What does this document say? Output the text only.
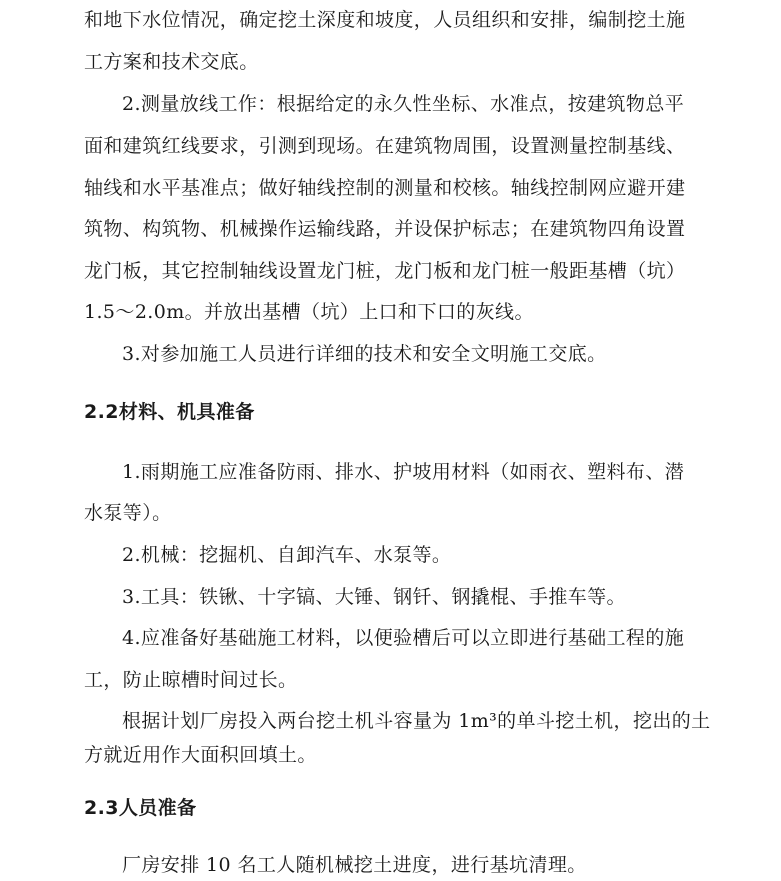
和地下水位情况，确定挖土深度和坡度，人员组织和安排，编制挖土施
工方案和技术交底。
2.测量放线工作：根据给定的永久性坐标、水准点，按建筑物总平
面和建筑红线要求，引测到现场。在建筑物周围，设置测量控制基线、
轴线和水平基准点；做好轴线控制的测量和校核。轴线控制网应避开建
筑物、构筑物、机械操作运输线路，并设保护标志；在建筑物四角设置
龙门板，其它控制轴线设置龙门桩，龙门板和龙门桩一般距基槽（坑）
1.5～2.0m。并放出基槽（坑）上口和下口的灰线。
3.对参加施工人员进行详细的技术和安全文明施工交底。
2.2材料、机具准备
1.雨期施工应准备防雨、排水、护坡用材料（如雨衣、塑料布、潜
水泵等）。
2.机械：挖掘机、自卸汽车、水泵等。
3.工具：铁锹、十字镐、大锤、钢钎、钢撬棍、手推车等。
4.应准备好基础施工材料，以便验槽后可以立即进行基础工程的施
工，防止晾槽时间过长。
根据计划厂房投入两台挖土机斗容量为 1m³的单斗挖土机，挖出的土
方就近用作大面积回填土。
2.3人员准备
厂房安排 10 名工人随机械挖土进度，进行基坑清理。
